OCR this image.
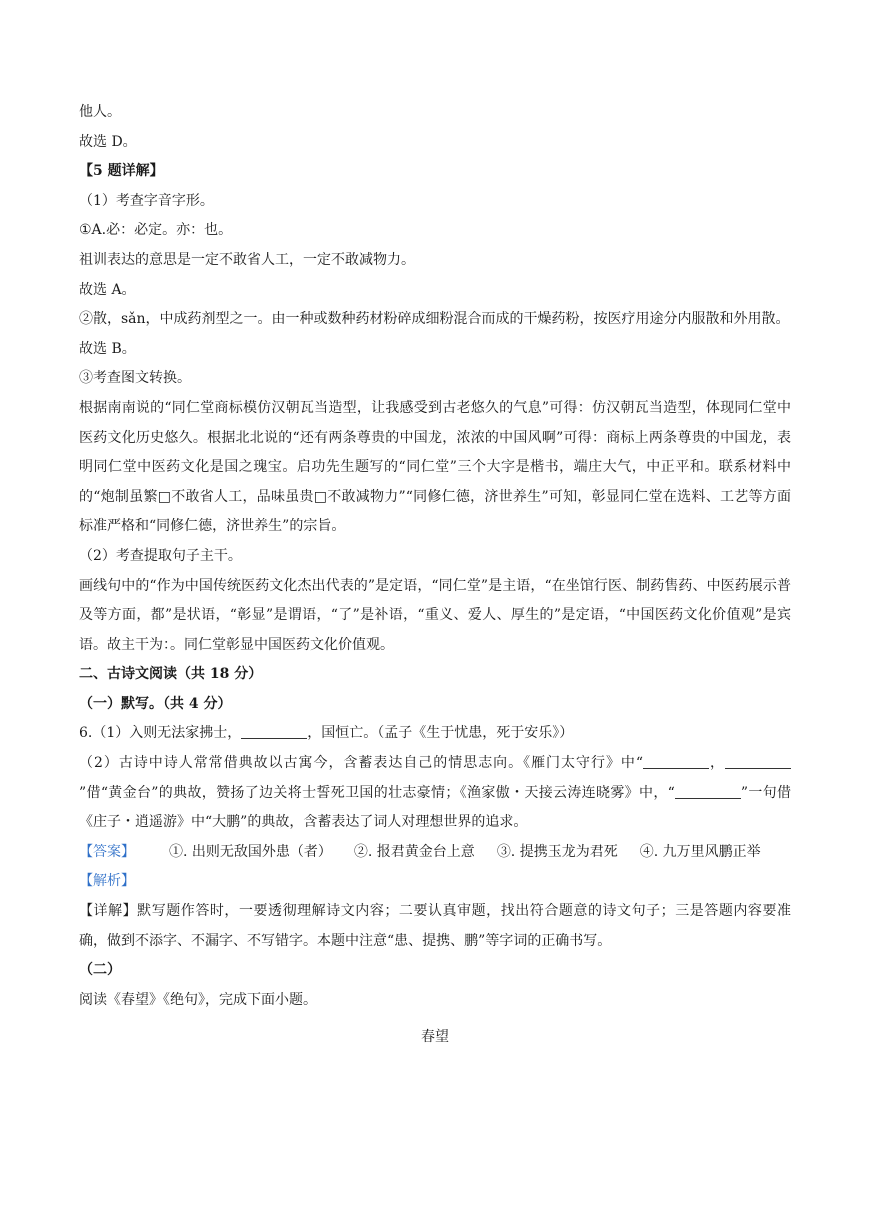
他人。
故选 D。
【5 题详解】
（1）考查字音字形。
①A.必：必定。亦：也。
祖训表达的意思是一定不敢省人工，一定不敢减物力。
故选 A。
②散，sǎn，中成药剂型之一。由一种或数种药材粉碎成细粉混合而成的干燥药粉，按医疗用途分内服散和外用散。
故选 B。
③考查图文转换。
根据南南说的“同仁堂商标模仿汉朝瓦当造型，让我感受到古老悠久的气息”可得：仿汉朝瓦当造型，体现同仁堂中医药文化历史悠久。根据北北说的“还有两条尊贵的中国龙，浓浓的中国风啊”可得：商标上两条尊贵的中国龙，表明同仁堂中医药文化是国之瑰宝。启功先生题写的“同仁堂”三个大字是楷书，端庄大气，中正平和。联系材料中的“炮制虽繁□不敢省人工，品味虽贵□不敢减物力”“同修仁德，济世养生”可知，彰显同仁堂在选料、工艺等方面标准严格和“同修仁德，济世养生”的宗旨。
（2）考查提取句子主干。
画线句中的“作为中国传统医药文化杰出代表的”是定语，“同仁堂”是主语，“在坐馆行医、制药售药、中医药展示普及等方面，都”是状语，“彰显”是谓语，“了”是补语，“重义、爱人、厚生的”是定语，“中国医药文化价值观”是宾语。故主干为：。同仁堂彰显中国医药文化价值观。
二、古诗文阅读（共 18 分）
（一）默写。（共 4 分）
6.（1）入则无法家拂士，	，国恒亡。（孟子《生于忧患，死于安乐》）
（2）古诗中诗人常常借典故以古寓今，含蓄表达自己的情思志向。《雁门太守行》中“	，”借“黄金台”的典故，赞扬了边关将士誓死卫国的壮志豪情；《渔家傲・天接云涛连晓雾》中，“	”一句借《庄子・逍遥游》中“大鹏”的典故，含蓄表达了词人对理想世界的追求。
【答案】 ①. 出则无敌国外患（者） ②. 报君黄金台上意 ③. 提携玉龙为君死 ④. 九万里风鹏正举
【解析】
【详解】默写题作答时，一要透彻理解诗文内容；二要认真审题，找出符合题意的诗文句子；三是答题内容要准确，做到不添字、不漏字、不写错字。本题中注意“患、提携、鹏”等字词的正确书写。
（二）
阅读《春望》《绝句》，完成下面小题。
春望
